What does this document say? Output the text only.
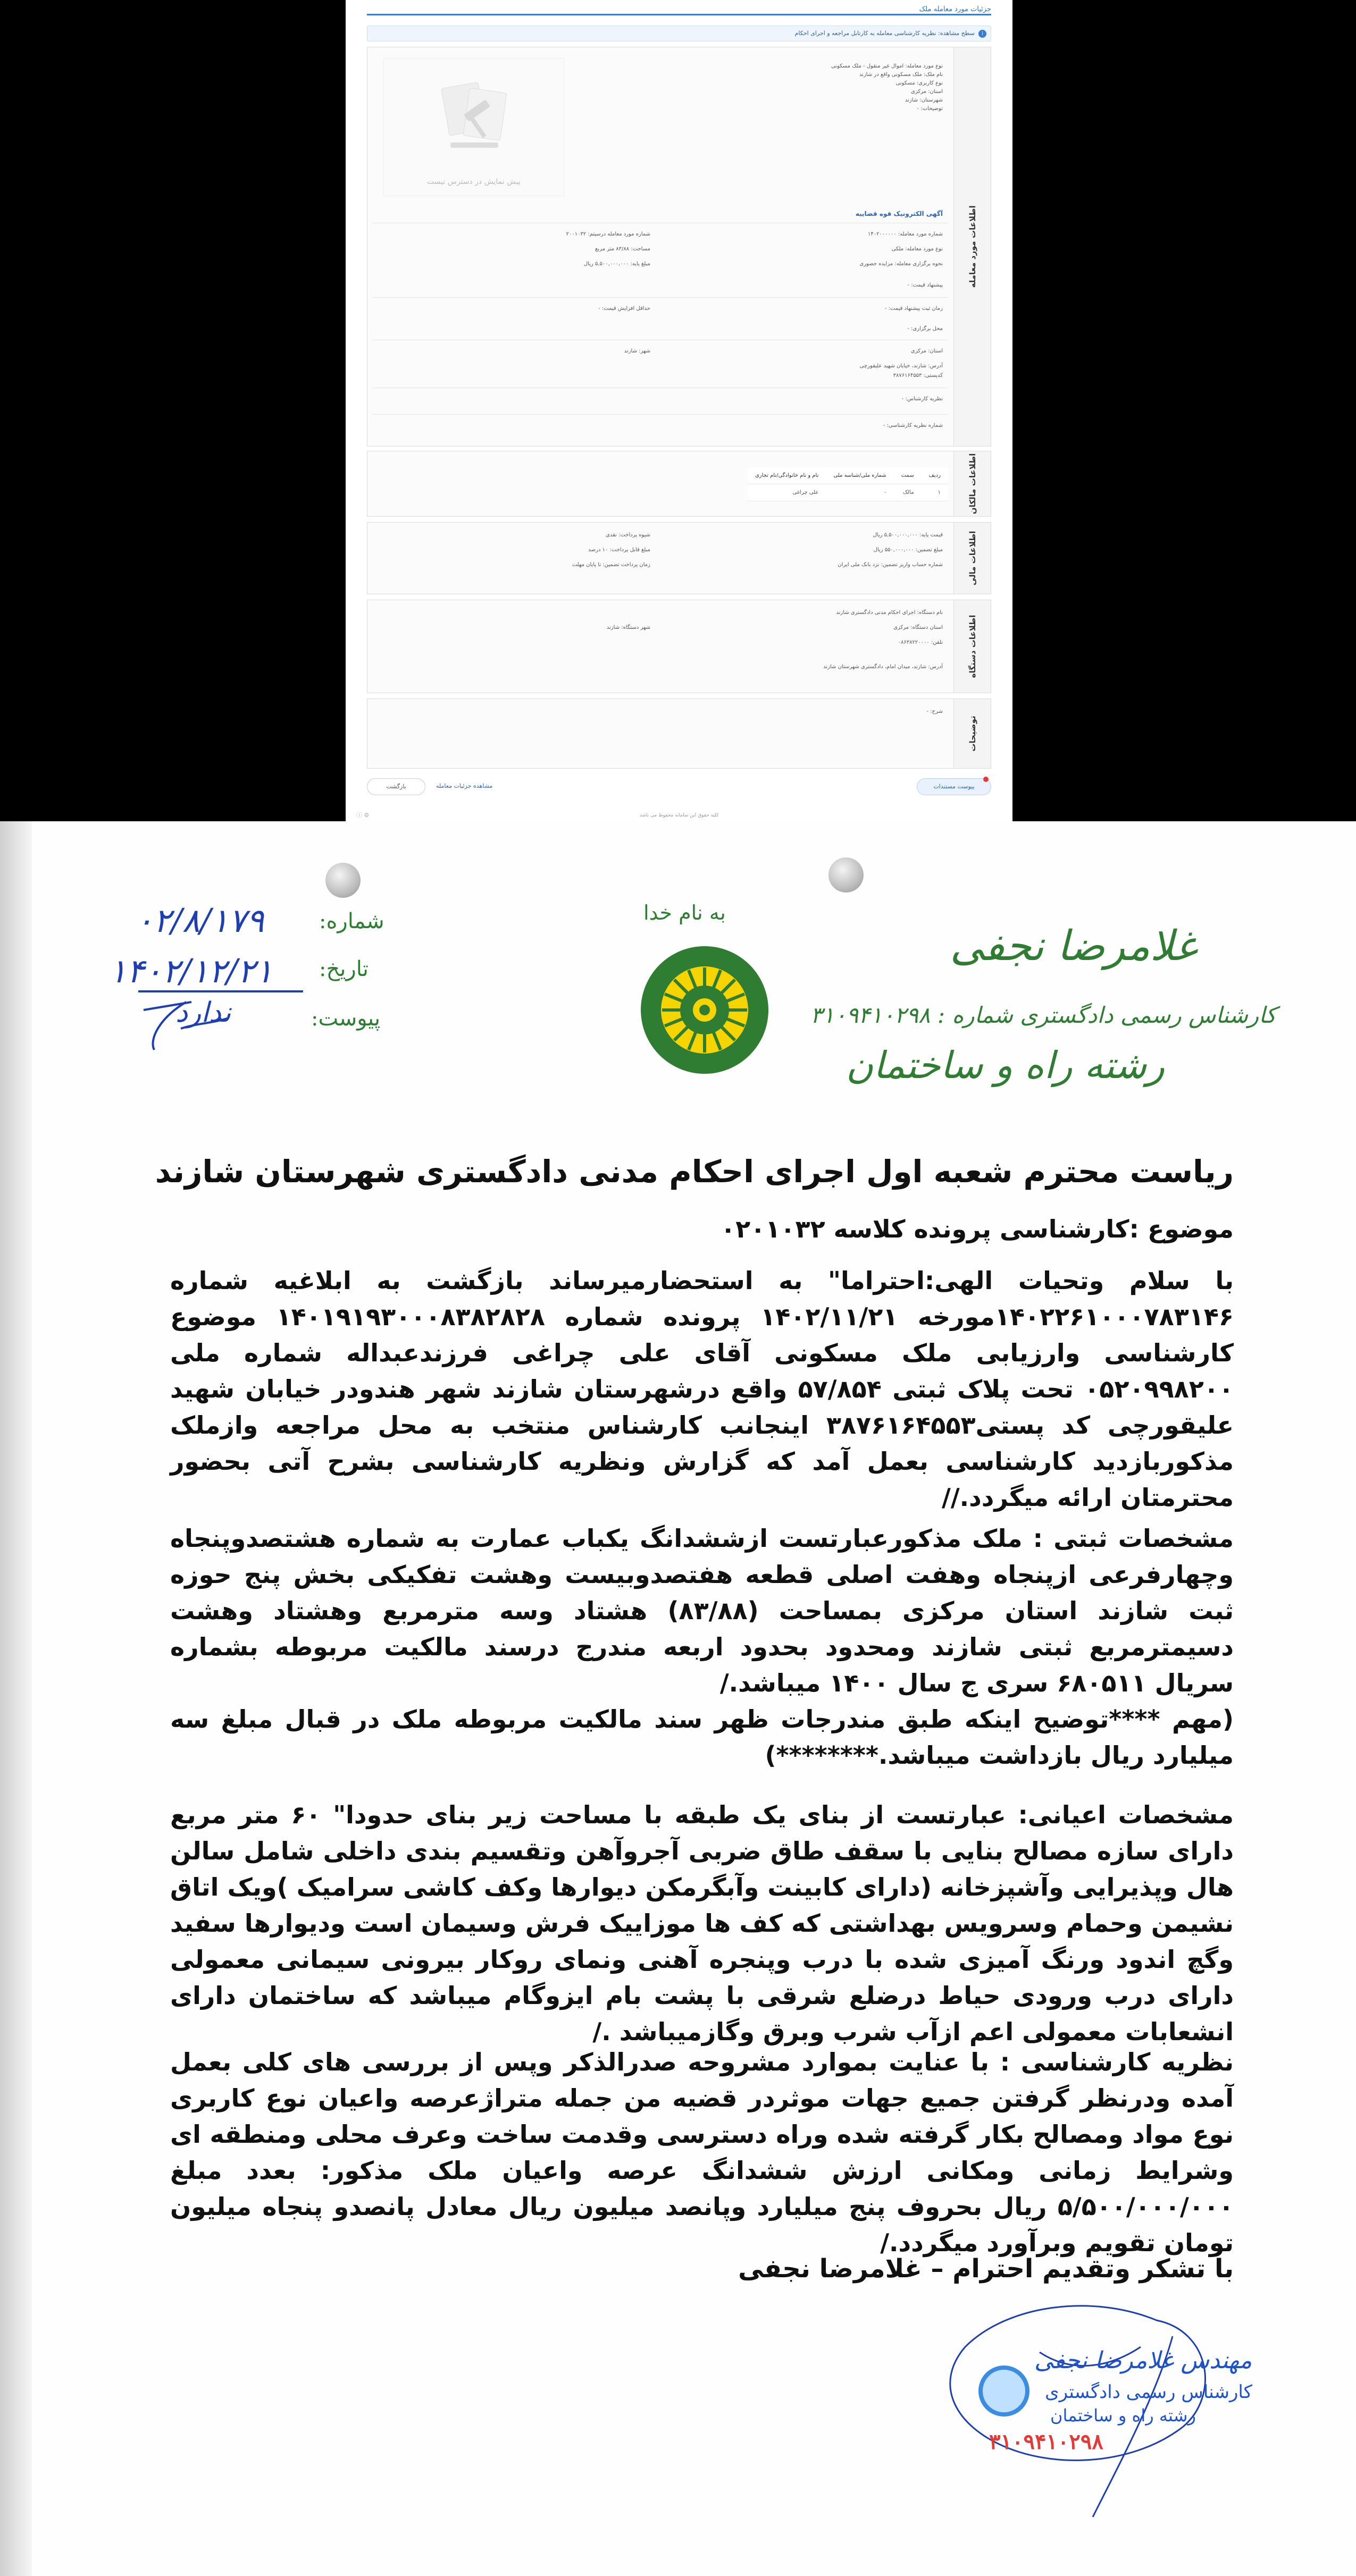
جزئیات مورد معامله ملک
i
سطح مشاهده: نظریه کارشناسی معامله به کارتابل مراجعه و اجرای احکام
اطلاعات مورد معامله
نوع مورد معامله: اموال غیر منقول - ملک مسکونی
نام ملک: ملک مسکونی واقع در شازند
نوع کاربری: مسکونی
استان: مرکزی
شهرستان: شازند
توضیحات: -
پیش نمایش در دسترس نیست
آگهی الکترونیک قوه قضاییه
شماره مورد معامله: ۱۴۰۲۰۰۰۰۰۰
نوع مورد معامله: ملکی
نحوه برگزاری معامله: مزایده حضوری
پیشنهاد قیمت: -
شماره مورد معامله درسیتم: ۲۰۰۱۰۳۲
مساحت: ۸۳/۸۸ متر مربع
مبلغ پایه: ۵,۵۰۰,۰۰۰,۰۰۰ ریال
زمان ثبت پیشنهاد قیمت: -
حداقل افزایش قیمت: -
محل برگزاری: -
استان: مرکزی
شهر: شازند
آدرس: شازند، خیابان شهید علیقورچی
کدپستی: ۳۸۷۶۱۶۴۵۵۳
نظریه کارشناس: -
شماره نظریه کارشناسی: -
اطلاعات مالکان
ردیف	سمت	شماره ملی/شناسه ملی	نام و نام خانوادگی/نام تجاری
۱	مالک	-	علی چراغی
اطلاعات مالی
قیمت پایه: ۵,۵۰۰,۰۰۰,۰۰۰ ریال
مبلغ تضمین: ۵۵۰,۰۰۰,۰۰۰ ریال
شماره حساب واریز تضمین: نزد بانک ملی ایران
شیوه پرداخت: نقدی
مبلغ قابل پرداخت: ۱۰ درصد
زمان پرداخت تضمین: تا پایان مهلت
اطلاعات دستگاه
نام دستگاه: اجرای احکام مدنی دادگستری شازند
استان دستگاه: مرکزی
شهر دستگاه: شازند
تلفن: ۰۸۶۳۸۲۲۰۰۰۰
آدرس: شازند، میدان امام، دادگستری شهرستان شازند
توضیحات
شرح: -
پیوست مستندات
مشاهده جزئیات معامله
بازگشت
کلیه حقوق این سامانه محفوظ می باشد
⚙ ⓘ
غلامرضا نجفی
کارشناس رسمی دادگستری شماره : ۳۱۰۹۴۱۰۲۹۸
رشته راه و ساختمان
به نام خدا
شماره:
۰۲/۸/۱۷۹
تاریخ:
۱۴۰۲/۱۲/۲۱
پیوست:
ندارد
ریاست محترم شعبه اول اجرای احکام مدنی دادگستری شهرستان شازند
موضوع :کارشناسی پرونده کلاسه ۰۲۰۱۰۳۲
با سلام وتحیات الهی:احتراما" به استحضارمیرساند بازگشت به ابلاغیه شماره ۱۴۰۲۲۶۱۰۰۰۷۸۳۱۴۶مورخه ۱۴۰۲/۱۱/۲۱ پرونده شماره ۱۴۰۱۹۱۹۳۰۰۰۸۳۸۲۸۲۸ موضوع کارشناسی وارزیابی ملک مسکونی آقای علی چراغی فرزندعبداله شماره ملی ۰۵۲۰۹۹۸۲۰۰ تحت پلاک ثبتی ۵۷/۸۵۴ واقع درشهرستان شازند شهر هندودر خیابان شهید علیقورچی کد پستی۳۸۷۶۱۶۴۵۵۳ اینجانب کارشناس منتخب به محل مراجعه وازملک مذکوربازدید کارشناسی بعمل آمد که گزارش ونظریه کارشناسی بشرح آتی بحضور محترمتان ارائه میگردد.//
مشخصات ثبتی : ملک مذکورعبارتست ازششدانگ یکباب عمارت به شماره هشتصدوپنجاه وچهارفرعی ازپنجاه وهفت اصلی قطعه هفتصدوبیست وهشت تفکیکی بخش پنج حوزه ثبت شازند استان مرکزی بمساحت (۸۳/۸۸) هشتاد وسه مترمربع وهشتاد وهشت دسیمترمربع ثبتی شازند ومحدود بحدود اربعه مندرج درسند مالکیت مربوطه بشماره سریال ۶۸۰۵۱۱ سری ج سال ۱۴۰۰ میباشد./
(مهم ****توضیح اینکه طبق مندرجات ظهر سند مالکیت مربوطه ملک در قبال مبلغ سه میلیارد ریال بازداشت میباشد.********)
مشخصات اعیانی: عبارتست از بنای یک طبقه با مساحت زیر بنای حدودا" ۶۰ متر مربع دارای سازه مصالح بنایی با سقف طاق ضربی آجروآهن وتقسیم بندی داخلی شامل سالن هال وپذیرایی وآشپزخانه (دارای کابینت وآبگرمکن دیوارها وکف کاشی سرامیک )ویک اتاق نشیمن وحمام وسرویس بهداشتی که کف ها موزاییک فرش وسیمان است ودیوارها سفید وگچ اندود ورنگ آمیزی شده با درب وپنجره آهنی ونمای روکار بیرونی سیمانی معمولی دارای درب ورودی حیاط درضلع شرقی با پشت بام ایزوگام میباشد که ساختمان دارای انشعابات معمولی اعم ازآب شرب وبرق وگازمیباشد ./
نظریه کارشناسی : با عنایت بموارد مشروحه صدرالذکر وپس از بررسی های کلی بعمل آمده ودرنظر گرفتن جمیع جهات موثردر قضیه من جمله متراژعرصه واعیان نوع کاربری نوع مواد ومصالح بکار گرفته شده وراه دسترسی وقدمت ساخت وعرف محلی ومنطقه ای وشرایط زمانی ومکانی ارزش ششدانگ عرصه واعیان ملک مذکور: بعدد مبلغ ۵/۵۰۰/۰۰۰/۰۰۰ ریال بحروف پنج میلیارد وپانصد میلیون ریال معادل پانصدو پنجاه میلیون تومان تقویم وبرآورد میگردد./
با تشکر وتقدیم احترام – غلامرضا نجفی
مهندس غلامرضا نجفی
کارشناس رسمی دادگستری
رشته راه و ساختمان
۳۱۰۹۴۱۰۲۹۸
